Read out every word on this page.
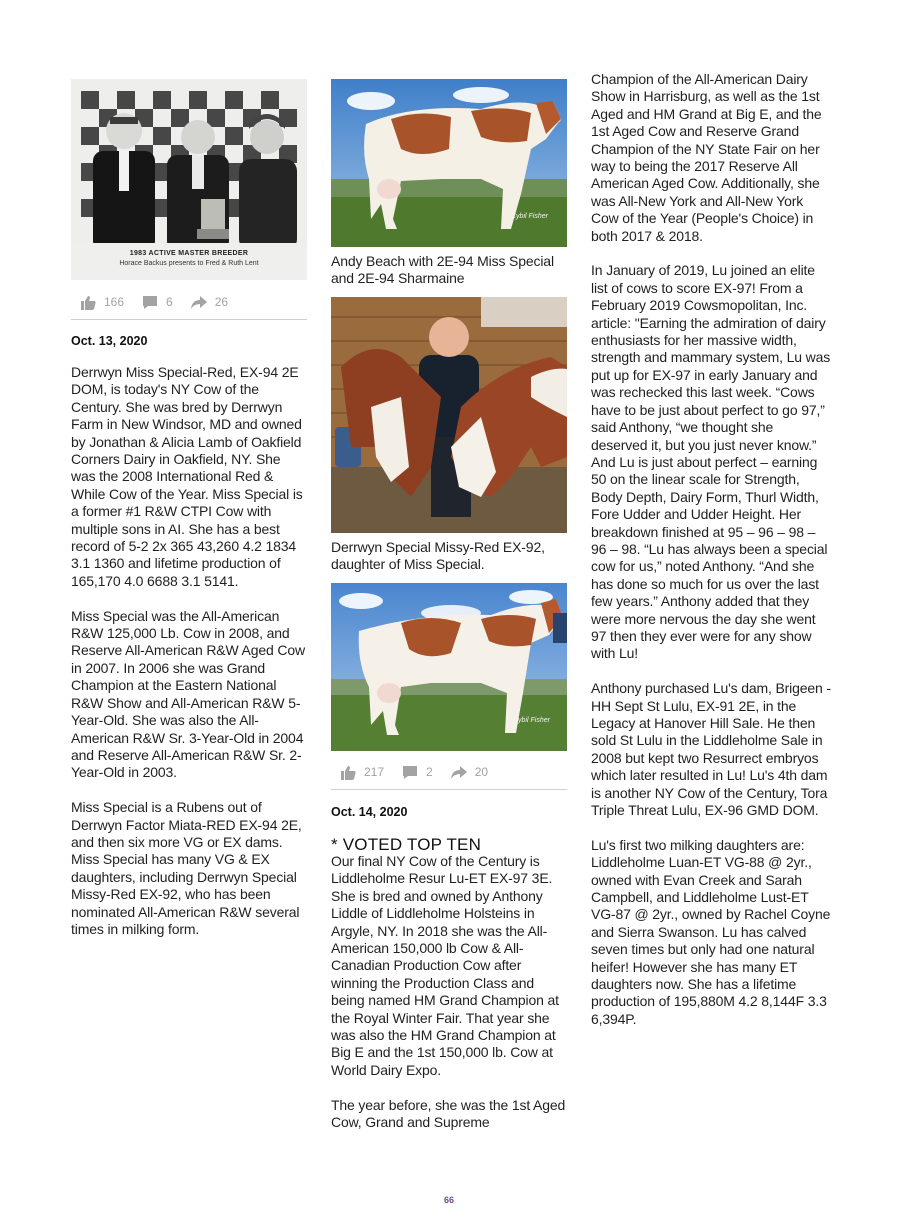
1983 ACTIVE MASTER BREEDER
Horace Backus presents to Fred & Ruth Lent
166	6	26
Oct. 13, 2020

Derrwyn Miss Special-Red, EX-94 2E DOM, is today's NY Cow of the Century. She was bred by Derrwyn Farm in New Windsor, MD and owned by Jonathan & Alicia Lamb of Oakfield Corners Dairy in Oakfield, NY. She was the 2008 International Red & While Cow of the Year. Miss Special is a former #1 R&W CTPI Cow with multiple sons in AI. She has a best record of 5-2 2x 365 43,260 4.2 1834 3.1 1360 and lifetime production of 165,170 4.0 6688 3.1 5141.

Miss Special was the All-American R&W 125,000 Lb. Cow in 2008, and Reserve All-American R&W Aged Cow in 2007. In 2006 she was Grand Champion at the Eastern National R&W Show and All-American R&W 5-Year-Old. She was also the All-American R&W Sr. 3-Year-Old in 2004 and Reserve All-American R&W Sr. 2-Year-Old in 2003.

Miss Special is a Rubens out of Derrwyn Factor Miata-RED EX-94 2E, and then six more VG or EX dams. Miss Special has many VG & EX daughters, including Derrwyn Special Missy-Red EX-92, who has been nominated All-American R&W several times in milking form.

Cybil Fisher
Andy Beach with 2E-94 Miss Special and 2E-94 Sharmaine
Derrwyn Special Missy-Red EX-92, daughter of Miss Special.
Cybil Fisher
217	2	20
Oct. 14, 2020
* VOTED TOP TEN

Our final NY Cow of the Century is Liddleholme Resur Lu-ET EX-97 3E. She is bred and owned by Anthony Liddle of Liddleholme Holsteins in Argyle, NY. In 2018 she was the All-American 150,000 lb Cow & All-Canadian Production Cow after winning the Production Class and being named HM Grand Champion at the Royal Winter Fair. That year she was also the HM Grand Champion at Big E and the 1st 150,000 lb. Cow at World Dairy Expo.

The year before, she was the 1st Aged Cow, Grand and Supreme

Champion of the All-American Dairy Show in Harrisburg, as well as the 1st Aged and HM Grand at Big E, and the 1st Aged Cow and Reserve Grand Champion of the NY State Fair on her way to being the 2017 Reserve All American Aged Cow. Additionally, she was All-New York and All-New York Cow of the Year (People's Choice) in both 2017 & 2018.

In January of 2019, Lu joined an elite list of cows to score EX-97! From a February 2019 Cowsmopolitan, Inc. article: "Earning the admiration of dairy enthusiasts for her massive width, strength and mammary system, Lu was put up for EX-97 in early January and was rechecked this last week. “Cows have to be just about perfect to go 97,” said Anthony, “we thought she deserved it, but you just never know.” And Lu is just about perfect – earning 50 on the linear scale for Strength, Body Depth, Dairy Form, Thurl Width, Fore Udder and Udder Height. Her breakdown finished at 95 – 96 – 98 – 96 – 98. “Lu has always been a special cow for us,” noted Anthony. “And she has done so much for us over the last few years.” Anthony added that they were more nervous the day she went 97 then they ever were for any show with Lu!

Anthony purchased Lu's dam, Brigeen -HH Sept St Lulu, EX-91 2E, in the Legacy at Hanover Hill Sale. He then sold St Lulu in the Liddleholme Sale in 2008 but kept two Resurrect embryos which later resulted in Lu! Lu's 4th dam is another NY Cow of the Century, Tora Triple Threat Lulu, EX-96 GMD DOM.

Lu's first two milking daughters are: Liddleholme Luan-ET VG-88 @ 2yr., owned with Evan Creek and Sarah Campbell, and Liddleholme Lust-ET VG-87 @ 2yr., owned by Rachel Coyne and Sierra Swanson. Lu has calved seven times but only had one natural heifer! However she has many ET daughters now. She has a lifetime production of 195,880M 4.2 8,144F 3.3 6,394P.

66
